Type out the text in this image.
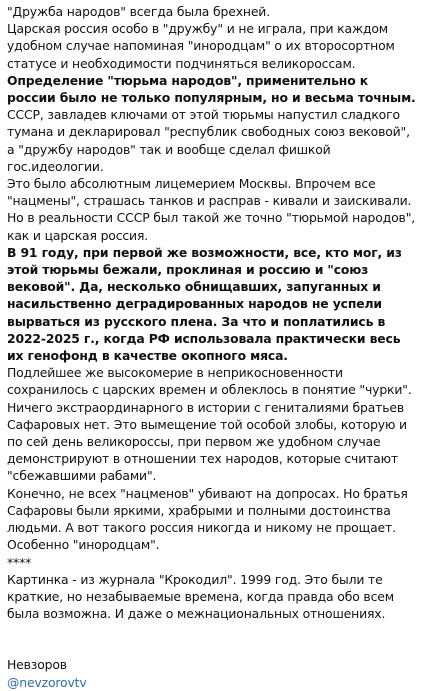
"Дружба народов" всегда была брехней.

Царская россия особо в "дружбу" и не играла, при каждом удобном случае напоминая "инородцам" о их второсортном статусе и необходимости подчиняться великороссам.

Определение "тюрьма народов", применительно к россии было не только популярным, но и весьма точным.

СССР, завладев ключами от этой тюрьмы напустил сладкого тумана и декларировал "республик свободных союз вековой", а "дружбу народов" так и вообще сделал фишкой гос.идеологии.

Это было абсолютным лицемерием Москвы. Впрочем все "нацмены", страшась танков и расправ - кивали и заискивали.

Но в реальности СССР был такой же точно "тюрьмой народов", как и царская россия.

В 91 году, при первой же возможности, все, кто мог, из этой тюрьмы бежали, проклиная и россию и "союз вековой". Да, несколько обнищавших, запуганных и насильственно деградированных народов не успели вырваться из русского плена. За что и поплатились в 2022-2025 г., когда РФ использовала практически весь их генофонд в качестве окопного мяса.

Подлейшее же высокомерие в неприкосновенности сохранилось с царских времен и облеклось в понятие "чурки".

Ничего экстраординарного в истории с гениталиями братьев Сафаровых нет. Это вымещение той особой злобы, которую и по сей день великороссы, при первом же удобном случае демонстрируют в отношении тех народов, которые считают "сбежавшими рабами".

Конечно, не всех "нацменов" убивают на допросах. Но братья Сафаровы были яркими, храбрыми и полными достоинства людьми. А вот такого россия никогда и никому не прощает. Особенно "инородцам".

****

Картинка - из журнала "Крокодил". 1999 год. Это были те краткие, но незабываемые времена, когда правда обо всем была возможна. И даже о межнациональных отношениях.

Невзоров

@nevzorovtv
